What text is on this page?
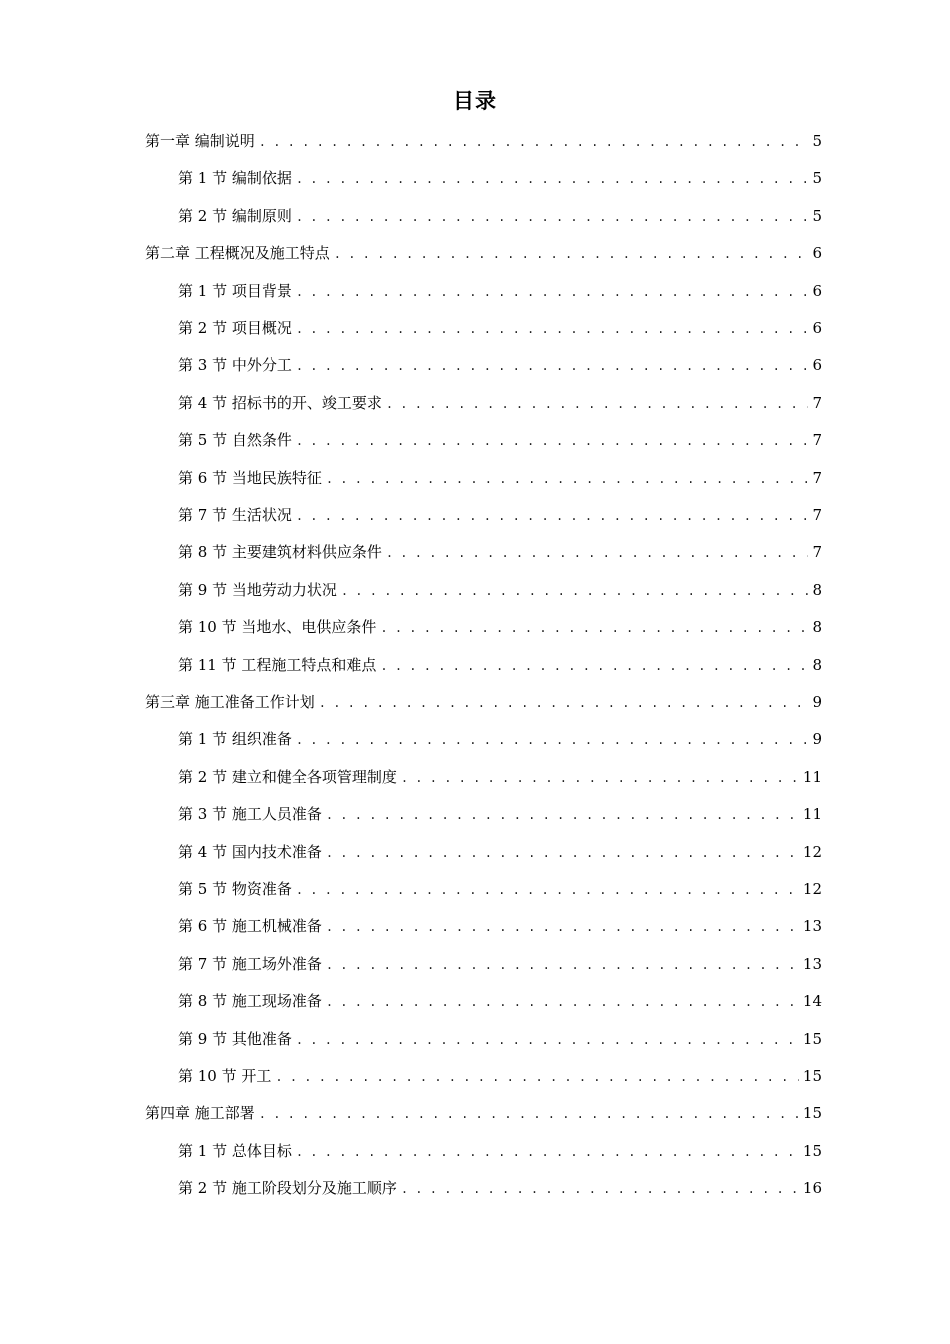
目录
第一章 编制说明 . . .	5
第 1 节 编制依据 . . .	5
第 2 节 编制原则 . . .	5
第二章 工程概况及施工特点 . . .	6
第 1 节 项目背景 . . .	6
第 2 节 项目概况 . . .	6
第 3 节 中外分工 . . .	6
第 4 节 招标书的开、竣工要求 . . .	7
第 5 节 自然条件 . . .	7
第 6 节 当地民族特征 . . .	7
第 7 节 生活状况 . . .	7
第 8 节 主要建筑材料供应条件 . . .	7
第 9 节 当地劳动力状况 . . .	8
第 10 节 当地水、电供应条件 . . .	8
第 11 节 工程施工特点和难点 . . .	8
第三章 施工准备工作计划 . . .	9
第 1 节 组织准备 . . .	9
第 2 节 建立和健全各项管理制度 . . .	11
第 3 节 施工人员准备 . . .	11
第 4 节 国内技术准备 . . .	12
第 5 节 物资准备 . . .	12
第 6 节 施工机械准备 . . .	13
第 7 节 施工场外准备 . . .	13
第 8 节 施工现场准备 . . .	14
第 9 节 其他准备 . . .	15
第 10 节 开工 . . .	15
第四章 施工部署 . . .	15
第 1 节 总体目标 . . .	15
第 2 节 施工阶段划分及施工顺序 . . .	16
